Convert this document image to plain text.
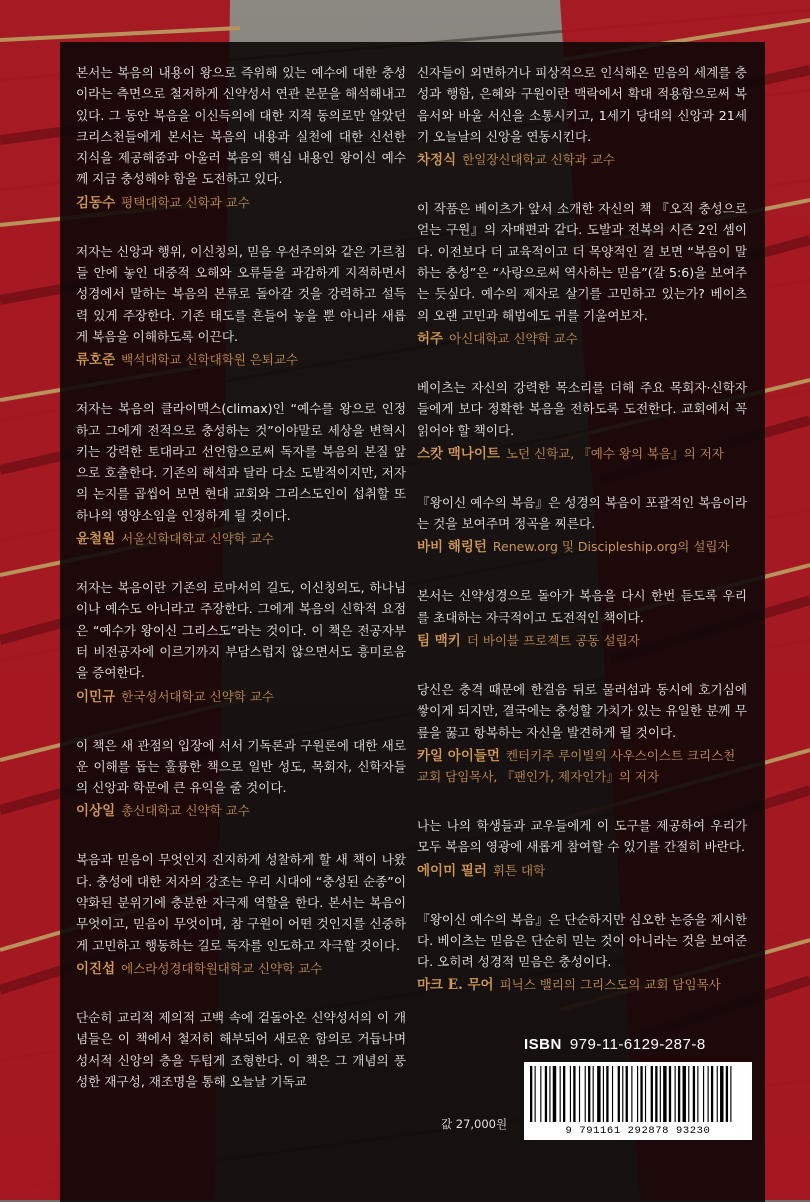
본서는 복음의 내용이 왕으로 즉위해 있는 예수에 대한 충성이라는 측면으로 철저하게 신약성서 연관 본문을 해석해내고 있다. 그 동안 복음을 이신득의에 대한 지적 동의로만 알았던 크리스천들에게 본서는 복음의 내용과 실천에 대한 신선한 지식을 제공해줌과 아울러 복음의 핵심 내용인 왕이신 예수께 지금 충성해야 함을 도전하고 있다.

김동수 평택대학교 신학과 교수

저자는 신앙과 행위, 이신칭의, 믿음 우선주의와 같은 가르침들 안에 놓인 대중적 오해와 오류들을 과감하게 지적하면서 성경에서 말하는 복음의 본류로 돌아갈 것을 강력하고 설득력 있게 주장한다. 기존 태도를 흔들어 놓을 뿐 아니라 새롭게 복음을 이해하도록 이끈다.

류호준 백석대학교 신학대학원 은퇴교수

저자는 복음의 클라이맥스(climax)인 “예수를 왕으로 인정하고 그에게 전적으로 충성하는 것”이야말로 세상을 변혁시키는 강력한 토대라고 선언함으로써 독자를 복음의 본질 앞으로 호출한다. 기존의 해석과 달라 다소 도발적이지만, 저자의 논지를 곱씹어 보면 현대 교회와 그리스도인이 섭취할 또 하나의 영양소임을 인정하게 될 것이다.

윤철원 서울신학대학교 신약학 교수

저자는 복음이란 기존의 로마서의 길도, 이신칭의도, 하나님이나 예수도 아니라고 주장한다. 그에게 복음의 신학적 요점은 “예수가 왕이신 그리스도”라는 것이다. 이 책은 전공자부터 비전공자에 이르기까지 부담스럽지 않으면서도 흥미로움을 증여한다.

이민규 한국성서대학교 신약학 교수

이 책은 새 관점의 입장에 서서 기독론과 구원론에 대한 새로운 이해를 돕는 훌륭한 책으로 일반 성도, 목회자, 신학자들의 신앙과 학문에 큰 유익을 줄 것이다.

이상일 총신대학교 신약학 교수

복음과 믿음이 무엇인지 진지하게 성찰하게 할 새 책이 나왔다. 충성에 대한 저자의 강조는 우리 시대에 “충성된 순종”이 약화된 분위기에 충분한 자극제 역할을 한다. 본서는 복음이 무엇이고, 믿음이 무엇이며, 참 구원이 어떤 것인지를 신중하게 고민하고 행동하는 길로 독자를 인도하고 자극할 것이다.

이진섭 에스라성경대학원대학교 신약학 교수

단순히 교리적 제의적 고백 속에 겉돌아온 신약성서의 이 개념들은 이 책에서 철저히 해부되어 새로운 함의로 거듭나며 성서적 신앙의 층을 두텁게 조형한다. 이 책은 그 개념의 풍성한 재구성, 재조명을 통해 오늘날 기독교

신자들이 외면하거나 피상적으로 인식해온 믿음의 세계를 충성과 행함, 은혜와 구원이란 맥락에서 확대 적용함으로써 복음서와 바울 서신을 소통시키고, 1세기 당대의 신앙과 21세기 오늘날의 신앙을 연동시킨다.

차정식 한일장신대학교 신학과 교수

이 작품은 베이츠가 앞서 소개한 자신의 책 『오직 충성으로 얻는 구원』의 자매편과 같다. 도발과 전복의 시즌 2인 셈이다. 이전보다 더 교육적이고 더 목양적인 걸 보면 “복음이 말하는 충성”은 “사랑으로써 역사하는 믿음”(갈 5:6)을 보여주는 듯싶다. 예수의 제자로 살기를 고민하고 있는가? 베이츠의 오랜 고민과 해법에도 귀를 기울여보자.

허주 아신대학교 신약학 교수

베이츠는 자신의 강력한 목소리를 더해 주요 목회자·신학자들에게 보다 정확한 복음을 전하도록 도전한다. 교회에서 꼭 읽어야 할 책이다.

스캇 맥나이트 노던 신학교, 『예수 왕의 복음』의 저자

『왕이신 예수의 복음』은 성경의 복음이 포괄적인 복음이라는 것을 보여주며 정곡을 찌른다.

바비 해링턴 Renew.org 및 Discipleship.org의 설립자

본서는 신약성경으로 돌아가 복음을 다시 한번 듣도록 우리를 초대하는 자극적이고 도전적인 책이다.

팀 맥키 더 바이블 프로젝트 공동 설립자

당신은 충격 때문에 한걸음 뒤로 물러섬과 동시에 호기심에 쌓이게 되지만, 결국에는 충성할 가치가 있는 유일한 분께 무릎을 꿇고 항복하는 자신을 발견하게 될 것이다.

카일 아이들먼 켄터키주 루이빌의 사우스이스트 크리스천 교회 담임목사, 『팬인가, 제자인가』의 저자

나는 나의 학생들과 교우들에게 이 도구를 제공하여 우리가 모두 복음의 영광에 새롭게 참여할 수 있기를 간절히 바란다.

에이미 필러 휘튼 대학

『왕이신 예수의 복음』은 단순하지만 심오한 논증을 제시한다. 베이츠는 믿음은 단순히 믿는 것이 아니라는 것을 보여준다. 오히려 성경적 믿음은 충성이다.

마크 E. 무어 피닉스 밸리의 그리스도의 교회 담임목사
ISBN 979-11-6129-287-8
9 791161 292878 93230
값 27,000원
